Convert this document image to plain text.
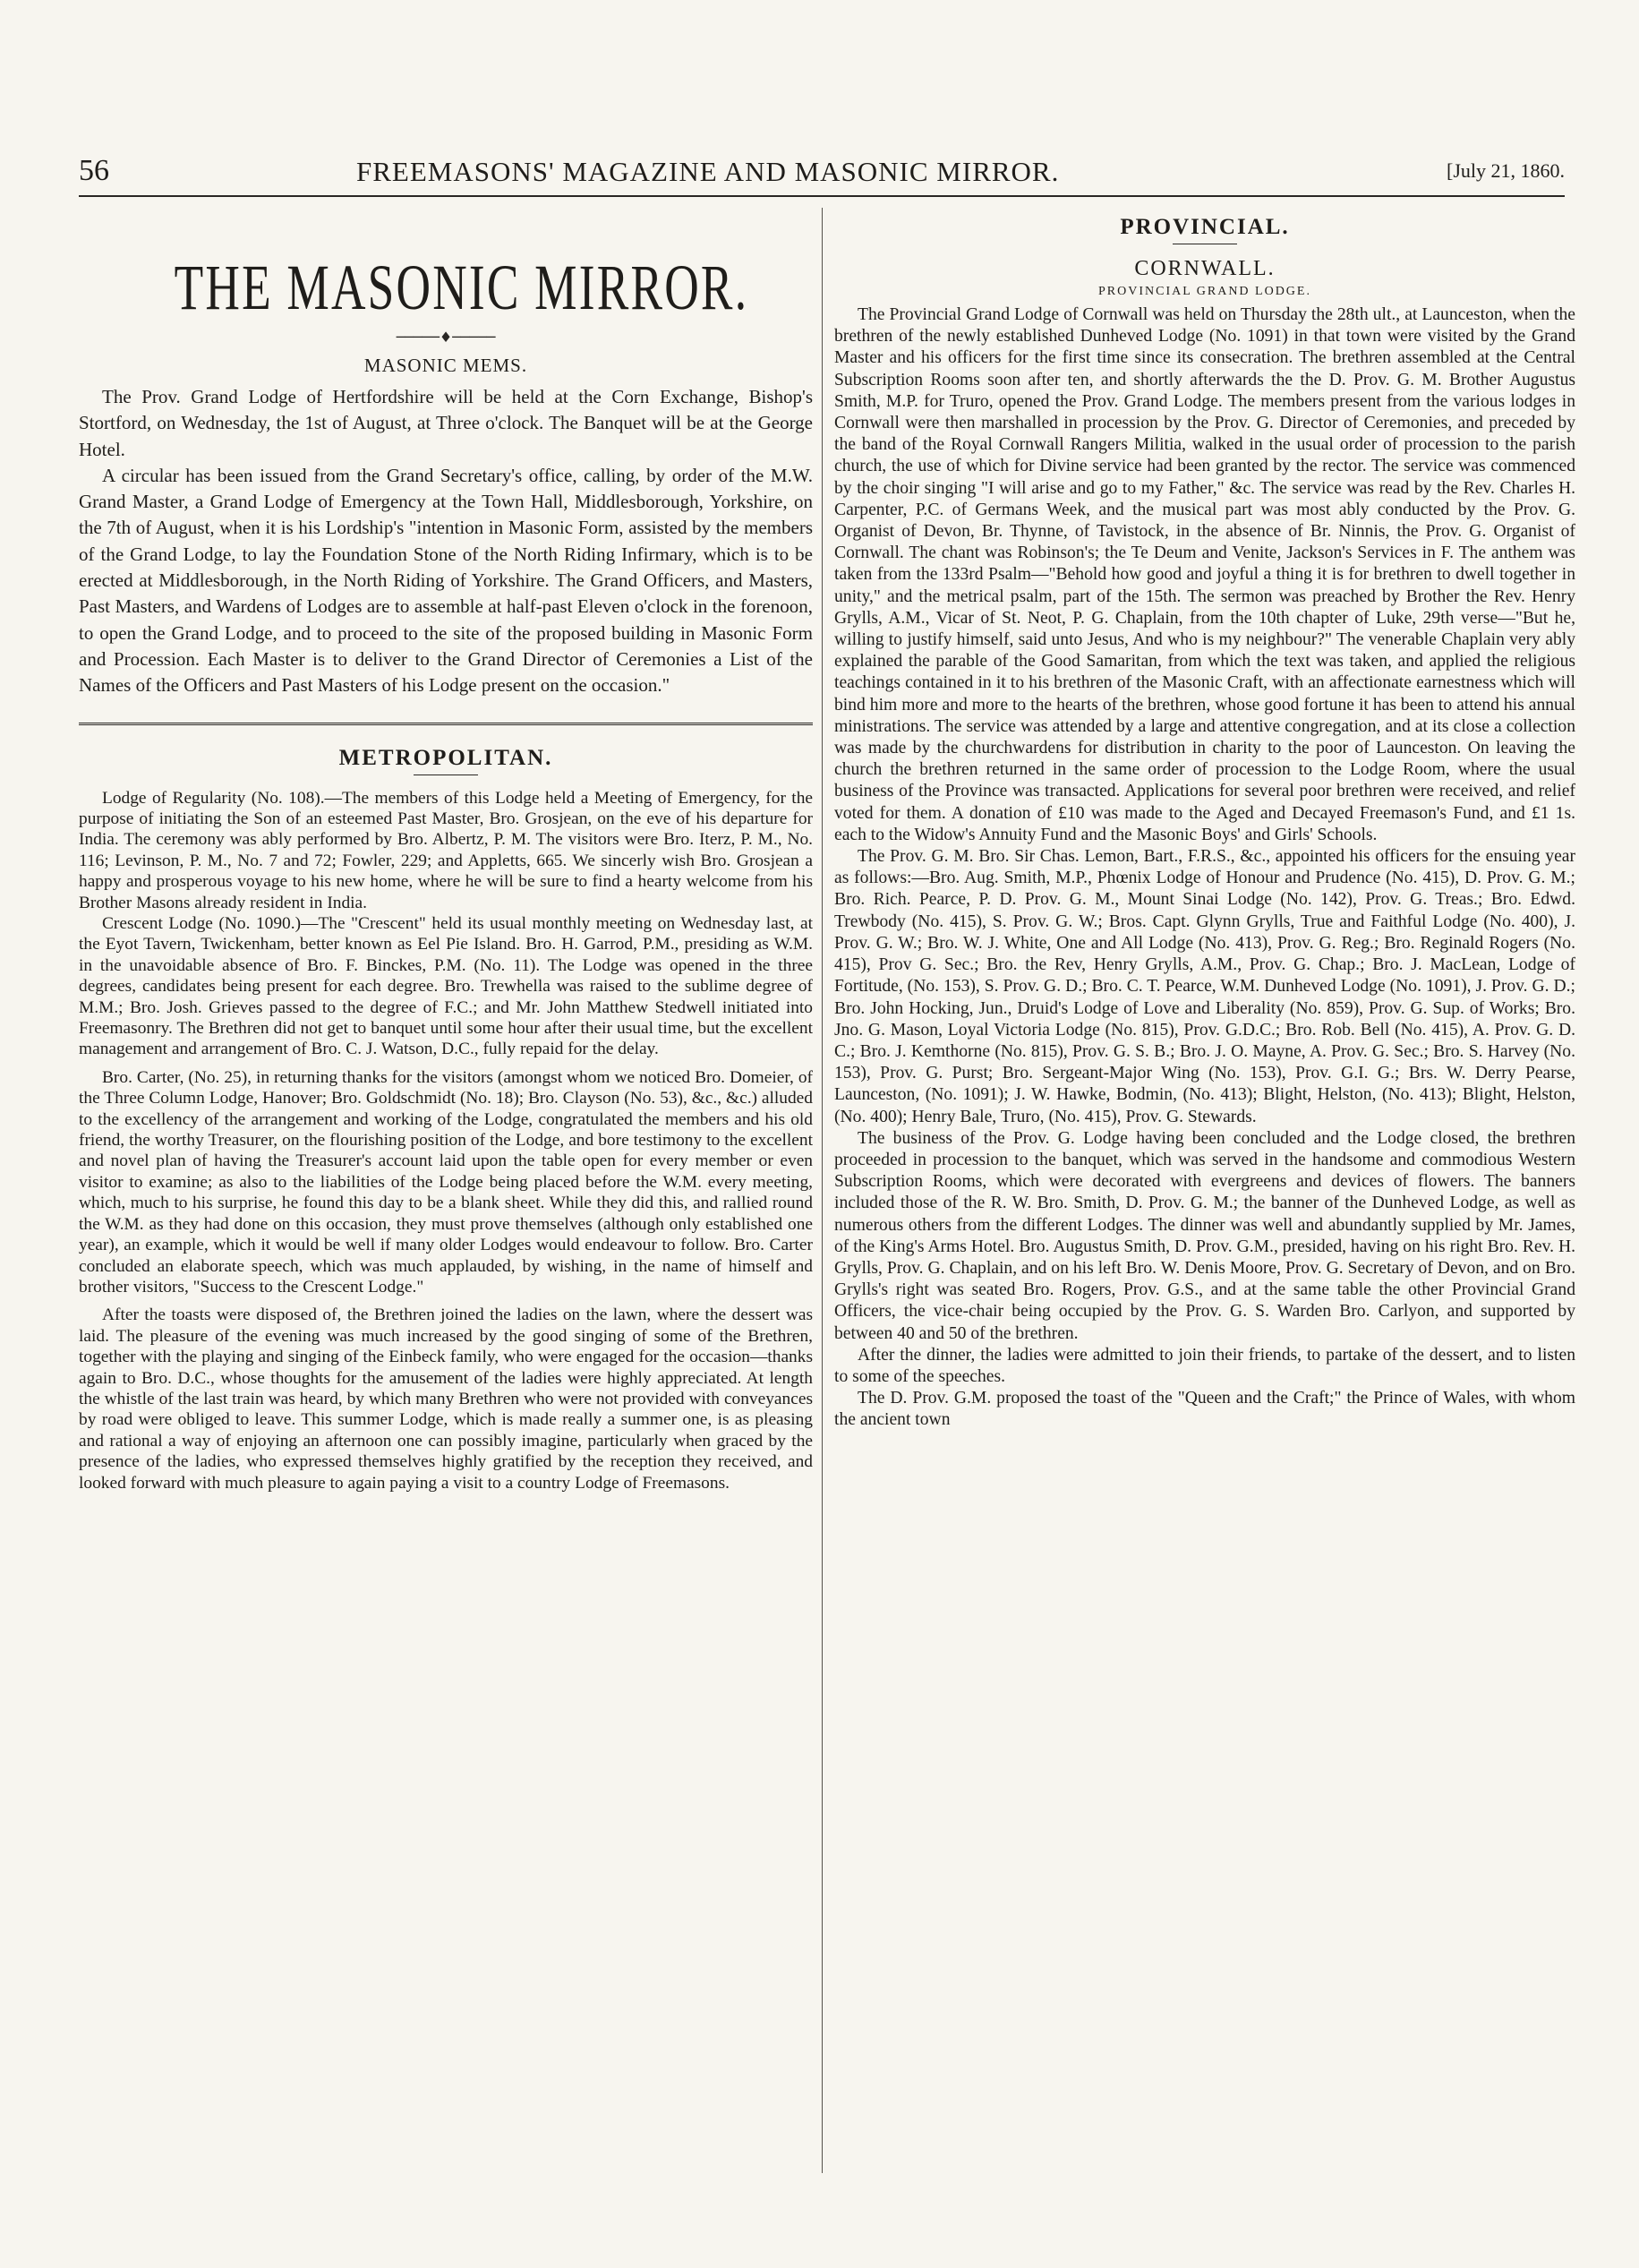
56	FREEMASONS' MAGAZINE AND MASONIC MIRROR.	[July 21, 1860.
THE MASONIC MIRROR.
─────♦─────
MASONIC MEMS.

The Prov. Grand Lodge of Hertfordshire will be held at the Corn Exchange, Bishop's Stortford, on Wednesday, the 1st of August, at Three o'clock. The Banquet will be at the George Hotel.

A circular has been issued from the Grand Secretary's office, calling, by order of the M.W. Grand Master, a Grand Lodge of Emergency at the Town Hall, Middlesborough, Yorkshire, on the 7th of August, when it is his Lordship's "intention in Masonic Form, assisted by the members of the Grand Lodge, to lay the Foundation Stone of the North Riding Infirmary, which is to be erected at Middlesborough, in the North Riding of Yorkshire. The Grand Officers, and Masters, Past Masters, and Wardens of Lodges are to assemble at half-past Eleven o'clock in the forenoon, to open the Grand Lodge, and to proceed to the site of the proposed building in Masonic Form and Procession. Each Master is to deliver to the Grand Director of Ceremonies a List of the Names of the Officers and Past Masters of his Lodge present on the occasion."

METROPOLITAN.

Lodge of Regularity (No. 108).—The members of this Lodge held a Meeting of Emergency, for the purpose of initiating the Son of an esteemed Past Master, Bro. Grosjean, on the eve of his departure for India. The ceremony was ably performed by Bro. Albertz, P. M. The visitors were Bro. Iterz, P. M., No. 116; Levinson, P. M., No. 7 and 72; Fowler, 229; and Appletts, 665. We sincerly wish Bro. Grosjean a happy and prosperous voyage to his new home, where he will be sure to find a hearty welcome from his Brother Masons already resident in India.

Crescent Lodge (No. 1090.)—The "Crescent" held its usual monthly meeting on Wednesday last, at the Eyot Tavern, Twickenham, better known as Eel Pie Island. Bro. H. Garrod, P.M., presiding as W.M. in the unavoidable absence of Bro. F. Binckes, P.M. (No. 11). The Lodge was opened in the three degrees, candidates being present for each degree. Bro. Trewhella was raised to the sublime degree of M.M.; Bro. Josh. Grieves passed to the degree of F.C.; and Mr. John Matthew Stedwell initiated into Freemasonry. The Brethren did not get to banquet until some hour after their usual time, but the excellent management and arrangement of Bro. C. J. Watson, D.C., fully repaid for the delay.

Bro. Carter, (No. 25), in returning thanks for the visitors (amongst whom we noticed Bro. Domeier, of the Three Column Lodge, Hanover; Bro. Goldschmidt (No. 18); Bro. Clayson (No. 53), &c., &c.) alluded to the excellency of the arrangement and working of the Lodge, congratulated the members and his old friend, the worthy Treasurer, on the flourishing position of the Lodge, and bore testimony to the excellent and novel plan of having the Treasurer's account laid upon the table open for every member or even visitor to examine; as also to the liabilities of the Lodge being placed before the W.M. every meeting, which, much to his surprise, he found this day to be a blank sheet. While they did this, and rallied round the W.M. as they had done on this occasion, they must prove themselves (although only established one year), an example, which it would be well if many older Lodges would endeavour to follow. Bro. Carter concluded an elaborate speech, which was much applauded, by wishing, in the name of himself and brother visitors, "Success to the Crescent Lodge."

After the toasts were disposed of, the Brethren joined the ladies on the lawn, where the dessert was laid. The pleasure of the evening was much increased by the good singing of some of the Brethren, together with the playing and singing of the Einbeck family, who were engaged for the occasion—thanks again to Bro. D.C., whose thoughts for the amusement of the ladies were highly appreciated. At length the whistle of the last train was heard, by which many Brethren who were not provided with conveyances by road were obliged to leave. This summer Lodge, which is made really a summer one, is as pleasing and rational a way of enjoying an afternoon one can possibly imagine, particularly when graced by the presence of the ladies, who expressed themselves highly gratified by the reception they received, and looked forward with much pleasure to again paying a visit to a country Lodge of Freemasons.

PROVINCIAL.
CORNWALL.
PROVINCIAL GRAND LODGE.

The Provincial Grand Lodge of Cornwall was held on Thursday the 28th ult., at Launceston, when the brethren of the newly established Dunheved Lodge (No. 1091) in that town were visited by the Grand Master and his officers for the first time since its consecration. The brethren assembled at the Central Subscription Rooms soon after ten, and shortly afterwards the the D. Prov. G. M. Brother Augustus Smith, M.P. for Truro, opened the Prov. Grand Lodge. The members present from the various lodges in Cornwall were then marshalled in procession by the Prov. G. Director of Ceremonies, and preceded by the band of the Royal Cornwall Rangers Militia, walked in the usual order of procession to the parish church, the use of which for Divine service had been granted by the rector. The service was commenced by the choir singing "I will arise and go to my Father," &c. The service was read by the Rev. Charles H. Carpenter, P.C. of Germans Week, and the musical part was most ably conducted by the Prov. G. Organist of Devon, Br. Thynne, of Tavistock, in the absence of Br. Ninnis, the Prov. G. Organist of Cornwall. The chant was Robinson's; the Te Deum and Venite, Jackson's Services in F. The anthem was taken from the 133rd Psalm—"Behold how good and joyful a thing it is for brethren to dwell together in unity," and the metrical psalm, part of the 15th. The sermon was preached by Brother the Rev. Henry Grylls, A.M., Vicar of St. Neot, P. G. Chaplain, from the 10th chapter of Luke, 29th verse—"But he, willing to justify himself, said unto Jesus, And who is my neighbour?" The venerable Chaplain very ably explained the parable of the Good Samaritan, from which the text was taken, and applied the religious teachings contained in it to his brethren of the Masonic Craft, with an affectionate earnestness which will bind him more and more to the hearts of the brethren, whose good fortune it has been to attend his annual ministrations. The service was attended by a large and attentive congregation, and at its close a collection was made by the churchwardens for distribution in charity to the poor of Launceston. On leaving the church the brethren returned in the same order of procession to the Lodge Room, where the usual business of the Province was transacted. Applications for several poor brethren were received, and relief voted for them. A donation of £10 was made to the Aged and Decayed Freemason's Fund, and £1 1s. each to the Widow's Annuity Fund and the Masonic Boys' and Girls' Schools.

The Prov. G. M. Bro. Sir Chas. Lemon, Bart., F.R.S., &c., appointed his officers for the ensuing year as follows:—Bro. Aug. Smith, M.P., Phœnix Lodge of Honour and Prudence (No. 415), D. Prov. G. M.; Bro. Rich. Pearce, P. D. Prov. G. M., Mount Sinai Lodge (No. 142), Prov. G. Treas.; Bro. Edwd. Trewbody (No. 415), S. Prov. G. W.; Bros. Capt. Glynn Grylls, True and Faithful Lodge (No. 400), J. Prov. G. W.; Bro. W. J. White, One and All Lodge (No. 413), Prov. G. Reg.; Bro. Reginald Rogers (No. 415), Prov G. Sec.; Bro. the Rev, Henry Grylls, A.M., Prov. G. Chap.; Bro. J. MacLean, Lodge of Fortitude, (No. 153), S. Prov. G. D.; Bro. C. T. Pearce, W.M. Dunheved Lodge (No. 1091), J. Prov. G. D.; Bro. John Hocking, Jun., Druid's Lodge of Love and Liberality (No. 859), Prov. G. Sup. of Works; Bro. Jno. G. Mason, Loyal Victoria Lodge (No. 815), Prov. G.D.C.; Bro. Rob. Bell (No. 415), A. Prov. G. D. C.; Bro. J. Kemthorne (No. 815), Prov. G. S. B.; Bro. J. O. Mayne, A. Prov. G. Sec.; Bro. S. Harvey (No. 153), Prov. G. Purst; Bro. Sergeant-Major Wing (No. 153), Prov. G.I. G.; Brs. W. Derry Pearse, Launceston, (No. 1091); J. W. Hawke, Bodmin, (No. 413); Blight, Helston, (No. 413); Blight, Helston, (No. 400); Henry Bale, Truro, (No. 415), Prov. G. Stewards.

The business of the Prov. G. Lodge having been concluded and the Lodge closed, the brethren proceeded in procession to the banquet, which was served in the handsome and commodious Western Subscription Rooms, which were decorated with evergreens and devices of flowers. The banners included those of the R. W. Bro. Smith, D. Prov. G. M.; the banner of the Dunheved Lodge, as well as numerous others from the different Lodges. The dinner was well and abundantly supplied by Mr. James, of the King's Arms Hotel. Bro. Augustus Smith, D. Prov. G.M., presided, having on his right Bro. Rev. H. Grylls, Prov. G. Chaplain, and on his left Bro. W. Denis Moore, Prov. G. Secretary of Devon, and on Bro. Grylls's right was seated Bro. Rogers, Prov. G.S., and at the same table the other Provincial Grand Officers, the vice-chair being occupied by the Prov. G. S. Warden Bro. Carlyon, and supported by between 40 and 50 of the brethren.

After the dinner, the ladies were admitted to join their friends, to partake of the dessert, and to listen to some of the speeches.

The D. Prov. G.M. proposed the toast of the "Queen and the Craft;" the Prince of Wales, with whom the ancient town
